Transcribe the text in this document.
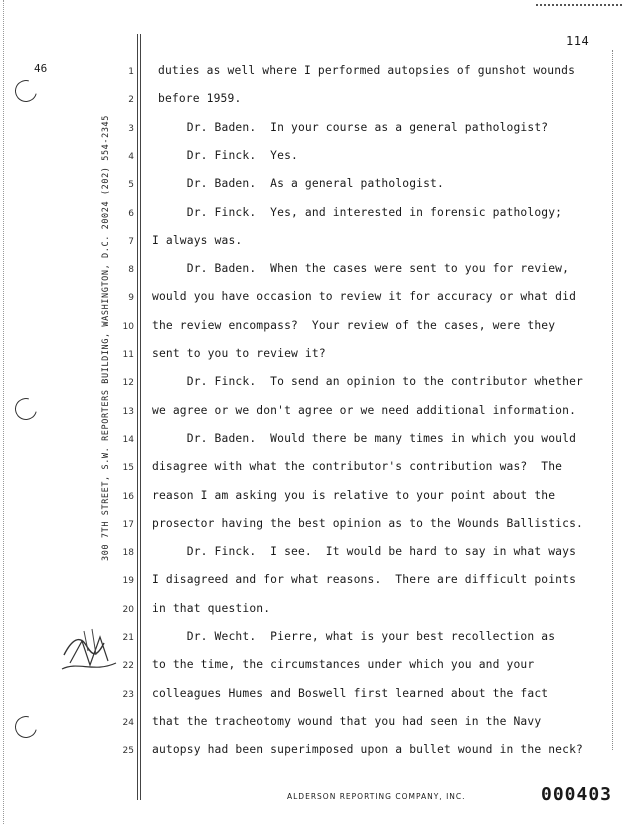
114
46
300 7TH STREET, S.W. REPORTERS BUILDING, WASHINGTON, D.C. 20024 (202) 554-2345
1
2
3
4
5
6
7
8
9
10
11
12
13
14
15
16
17
18
19
20
21
22
23
24
25
duties as well where I performed autopsies of gunshot wounds
before 1959.
Dr. Baden.  In your course as a general pathologist?
Dr. Finck.  Yes.
Dr. Baden.  As a general pathologist.
Dr. Finck.  Yes, and interested in forensic pathology;
I always was.
Dr. Baden.  When the cases were sent to you for review,
would you have occasion to review it for accuracy or what did
the review encompass?  Your review of the cases, were they
sent to you to review it?
Dr. Finck.  To send an opinion to the contributor whether
we agree or we don't agree or we need additional information.
Dr. Baden.  Would there be many times in which you would
disagree with what the contributor's contribution was?  The
reason I am asking you is relative to your point about the
prosector having the best opinion as to the Wounds Ballistics.
Dr. Finck.  I see.  It would be hard to say in what ways
I disagreed and for what reasons.  There are difficult points
in that question.
Dr. Wecht.  Pierre, what is your best recollection as
to the time, the circumstances under which you and your
colleagues Humes and Boswell first learned about the fact
that the tracheotomy wound that you had seen in the Navy
autopsy had been superimposed upon a bullet wound in the neck?
ALDERSON REPORTING COMPANY, INC.	000403
